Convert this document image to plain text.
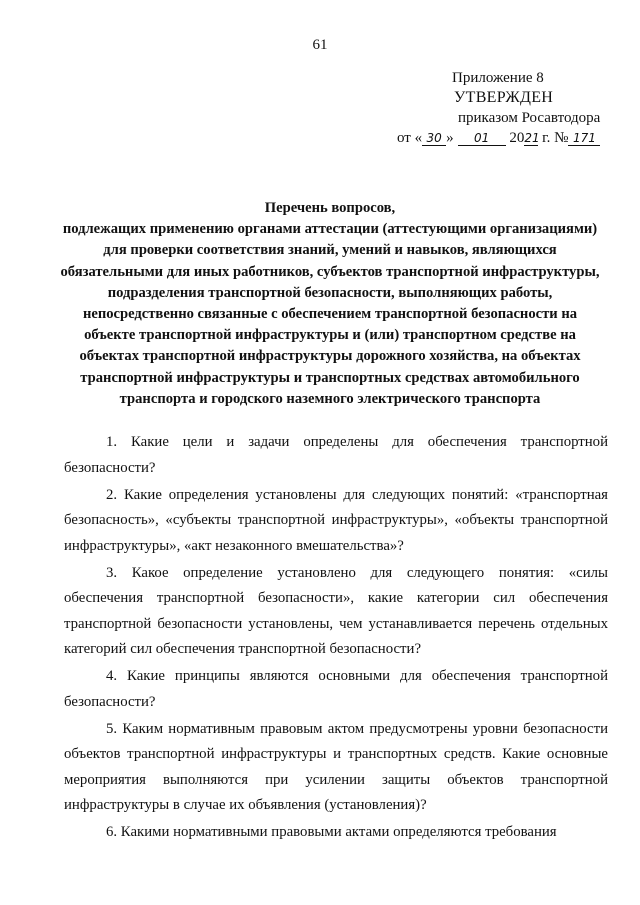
61
Приложение 8
УТВЕРЖДЕН
приказом Росавтодора
от « 30 » 01 2021 г. № 171
Перечень вопросов,
подлежащих применению органами аттестации (аттестующими организациями) для проверки соответствия знаний, умений и навыков, являющихся обязательными для иных работников, субъектов транспортной инфраструктуры, подразделения транспортной безопасности, выполняющих работы, непосредственно связанные с обеспечением транспортной безопасности на объекте транспортной инфраструктуры и (или) транспортном средстве на объектах транспортной инфраструктуры дорожного хозяйства, на объектах транспортной инфраструктуры и транспортных средствах автомобильного транспорта и городского наземного электрического транспорта

1. Какие цели и задачи определены для обеспечения транспортной безопасности?

2. Какие определения установлены для следующих понятий: «транспортная безопасность», «субъекты транспортной инфраструктуры», «объекты транспортной инфраструктуры», «акт незаконного вмешательства»?

3. Какое определение установлено для следующего понятия: «силы обеспечения транспортной безопасности», какие категории сил обеспечения транспортной безопасности установлены, чем устанавливается перечень отдельных категорий сил обеспечения транспортной безопасности?

4. Какие принципы являются основными для обеспечения транспортной безопасности?

5. Каким нормативным правовым актом предусмотрены уровни безопасности объектов транспортной инфраструктуры и транспортных средств. Какие основные мероприятия выполняются при усилении защиты объектов транспортной инфраструктуры в случае их объявления (установления)?

6. Какими нормативными правовыми актами определяются требования
